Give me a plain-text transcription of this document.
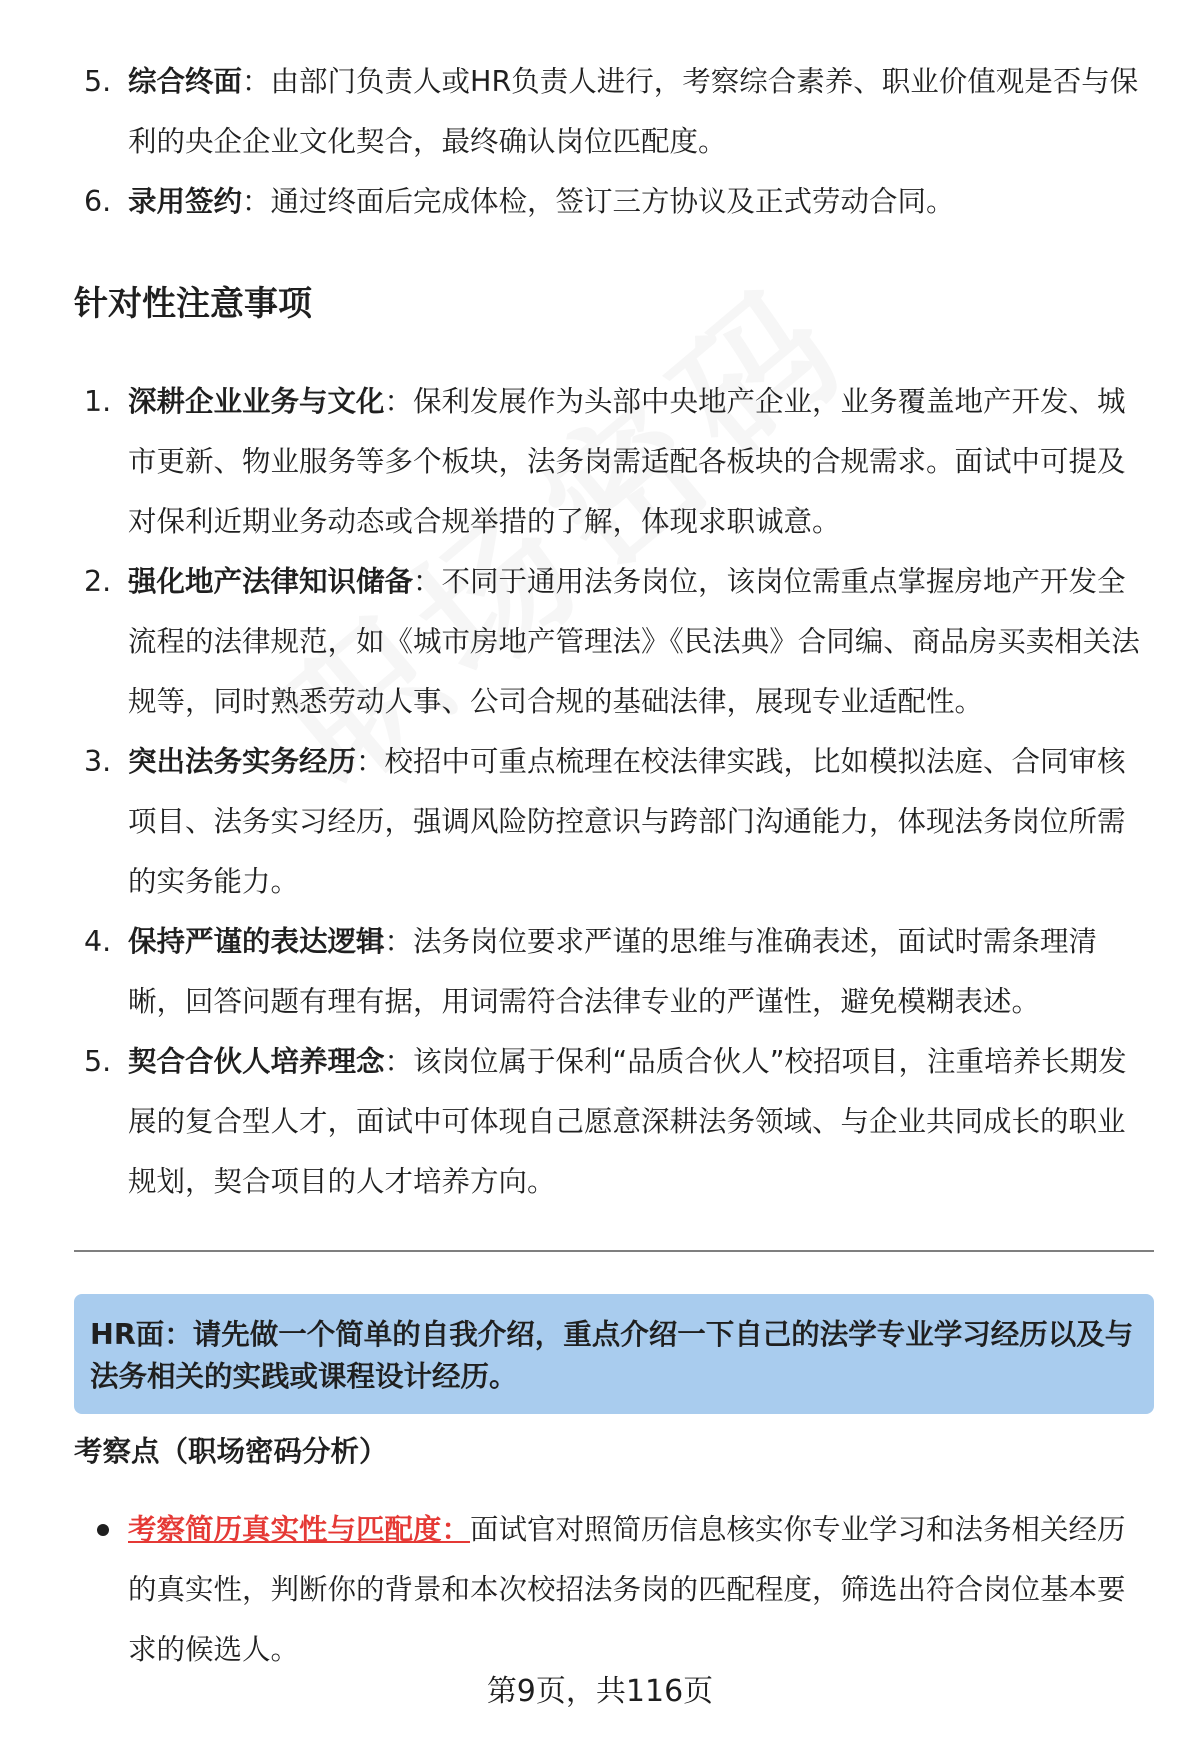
5. 综合终面：由部门负责人或HR负责人进行，考察综合素养、职业价值观是否与保利的央企企业文化契合，最终确认岗位匹配度。
6. 录用签约：通过终面后完成体检，签订三方协议及正式劳动合同。
针对性注意事项
1. 深耕企业业务与文化：保利发展作为头部中央地产企业，业务覆盖地产开发、城市更新、物业服务等多个板块，法务岗需适配各板块的合规需求。面试中可提及对保利近期业务动态或合规举措的了解，体现求职诚意。
2. 强化地产法律知识储备：不同于通用法务岗位，该岗位需重点掌握房地产开发全流程的法律规范，如《城市房地产管理法》《民法典》合同编、商品房买卖相关法规等，同时熟悉劳动人事、公司合规的基础法律，展现专业适配性。
3. 突出法务实务经历：校招中可重点梳理在校法律实践，比如模拟法庭、合同审核项目、法务实习经历，强调风险防控意识与跨部门沟通能力，体现法务岗位所需的实务能力。
4. 保持严谨的表达逻辑：法务岗位要求严谨的思维与准确表述，面试时需条理清晰，回答问题有理有据，用词需符合法律专业的严谨性，避免模糊表述。
5. 契合合伙人培养理念：该岗位属于保利“品质合伙人”校招项目，注重培养长期发展的复合型人才，面试中可体现自己愿意深耕法务领域、与企业共同成长的职业规划，契合项目的人才培养方向。
HR面：请先做一个简单的自我介绍，重点介绍一下自己的法学专业学习经历以及与法务相关的实践或课程设计经历。
考察点（职场密码分析）
考察简历真实性与匹配度：面试官对照简历信息核实你专业学习和法务相关经历的真实性，判断你的背景和本次校招法务岗的匹配程度，筛选出符合岗位基本要求的候选人。
第9页，共116页
